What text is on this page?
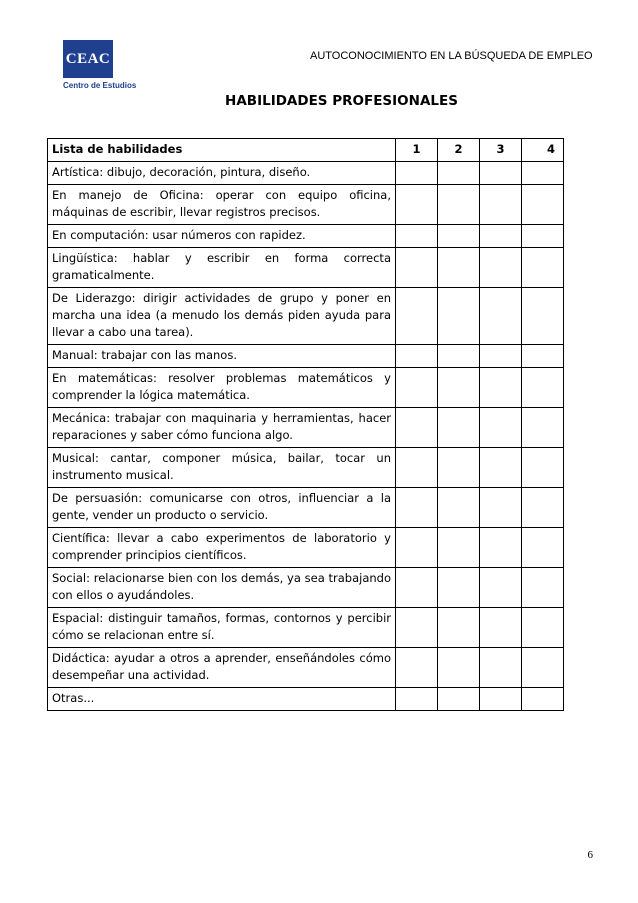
CEAC
Centro de Estudios
AUTOCONOCIMIENTO EN LA BÚSQUEDA DE EMPLEO
HABILIDADES PROFESIONALES
Lista de habilidades	1	2	3	4
Artística: dibujo, decoración, pintura, diseño.				
En manejo de Oficina: operar con equipo oficina, máquinas de escribir, llevar registros precisos.				
En computación: usar números con rapidez.				
Lingüística: hablar y escribir en forma correcta gramaticalmente.				
De Liderazgo: dirigir actividades de grupo y poner en marcha una idea (a menudo los demás piden ayuda para llevar a cabo una tarea).				
Manual: trabajar con las manos.				
En matemáticas: resolver problemas matemáticos y comprender la lógica matemática.				
Mecánica: trabajar con maquinaria y herramientas, hacer reparaciones y saber cómo funciona algo.				
Musical: cantar, componer música, bailar, tocar un instrumento musical.				
De persuasión: comunicarse con otros, influenciar a la gente, vender un producto o servicio.				
Científica: llevar a cabo experimentos de laboratorio y comprender principios científicos.				
Social: relacionarse bien con los demás, ya sea trabajando con ellos o ayudándoles.				
Espacial: distinguir tamaños, formas, contornos y percibir cómo se relacionan entre sí.				
Didáctica: ayudar a otros a aprender, enseñándoles cómo desempeñar una actividad.				
Otras...				
6
